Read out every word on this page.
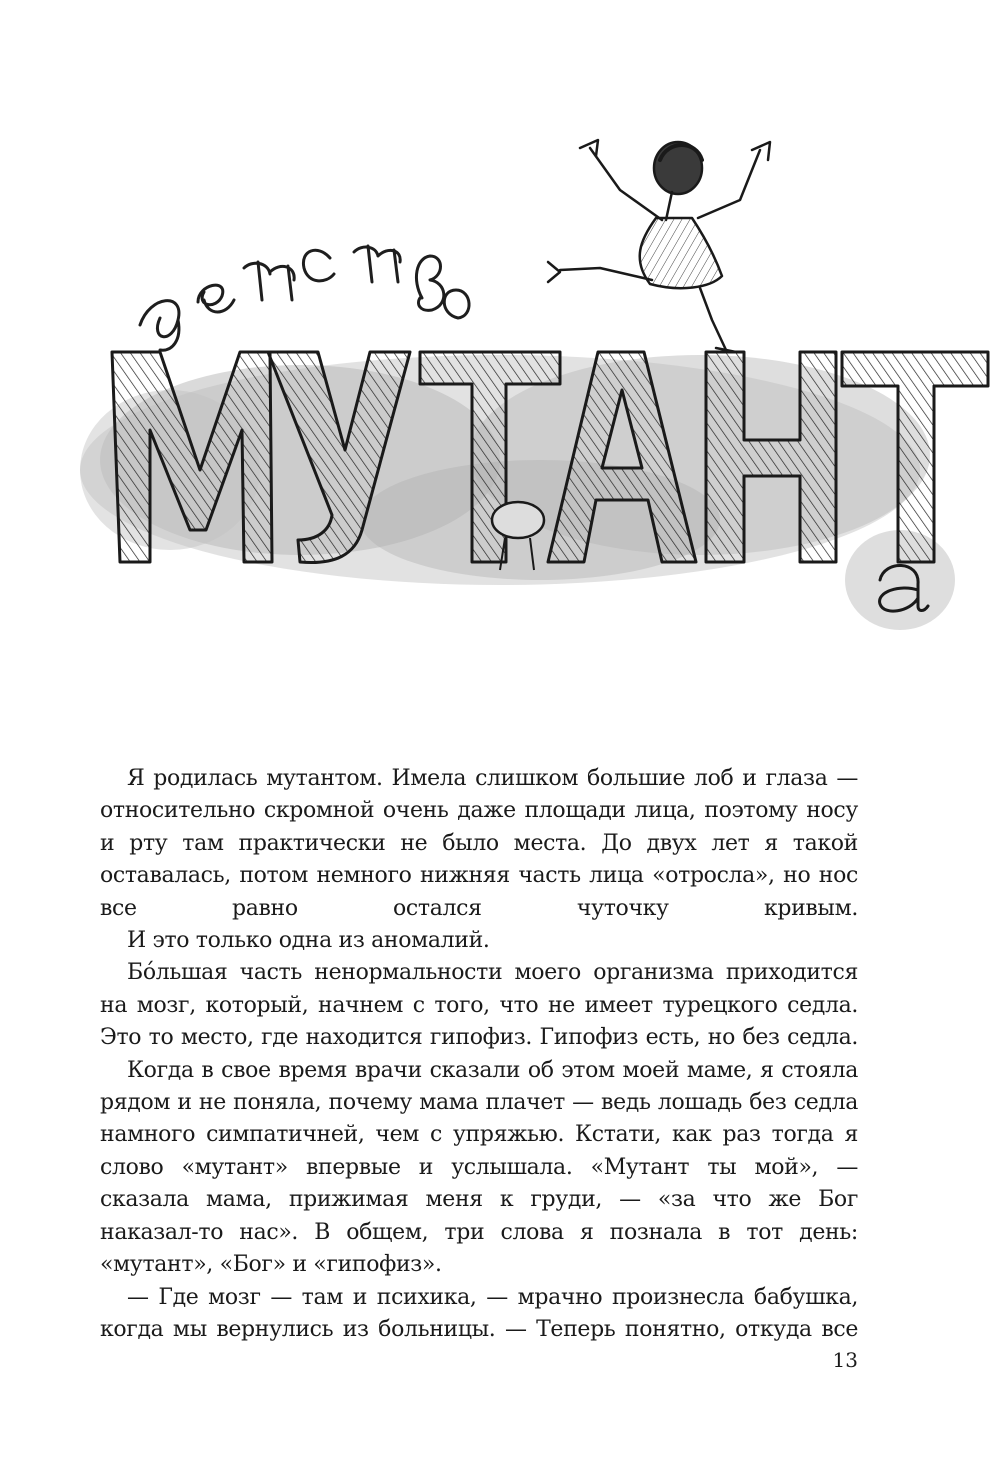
Я родилась мутантом. Имела слишком большие лоб и глаза — относительно скромной очень даже площади лица, поэтому носу и рту там практически не было места. До двух лет я такой оставалась, потом немного нижняя часть лица «отросла», но нос все равно остался чуточку кривым.

И это только одна из аномалий.

Бо́льшая часть ненормальности моего организма приходится на мозг, который, начнем с того, что не имеет турецкого седла. Это то место, где находится гипофиз. Гипофиз есть, но без седла.

Когда в свое время врачи сказали об этом моей маме, я стояла рядом и не поняла, почему мама плачет — ведь лошадь без седла намного симпатичней, чем с упряжью. Кстати, как раз тогда я слово «мутант» впервые и услышала. «Мутант ты мой», — сказала мама, прижимая меня к груди, — «за что же Бог наказал-то нас». В общем, три слова я познала в тот день: «мутант», «Бог» и «гипофиз».

— Где мозг — там и психика, — мрачно произнесла бабушка, когда мы вернулись из больницы. — Теперь понятно, откуда все

13
